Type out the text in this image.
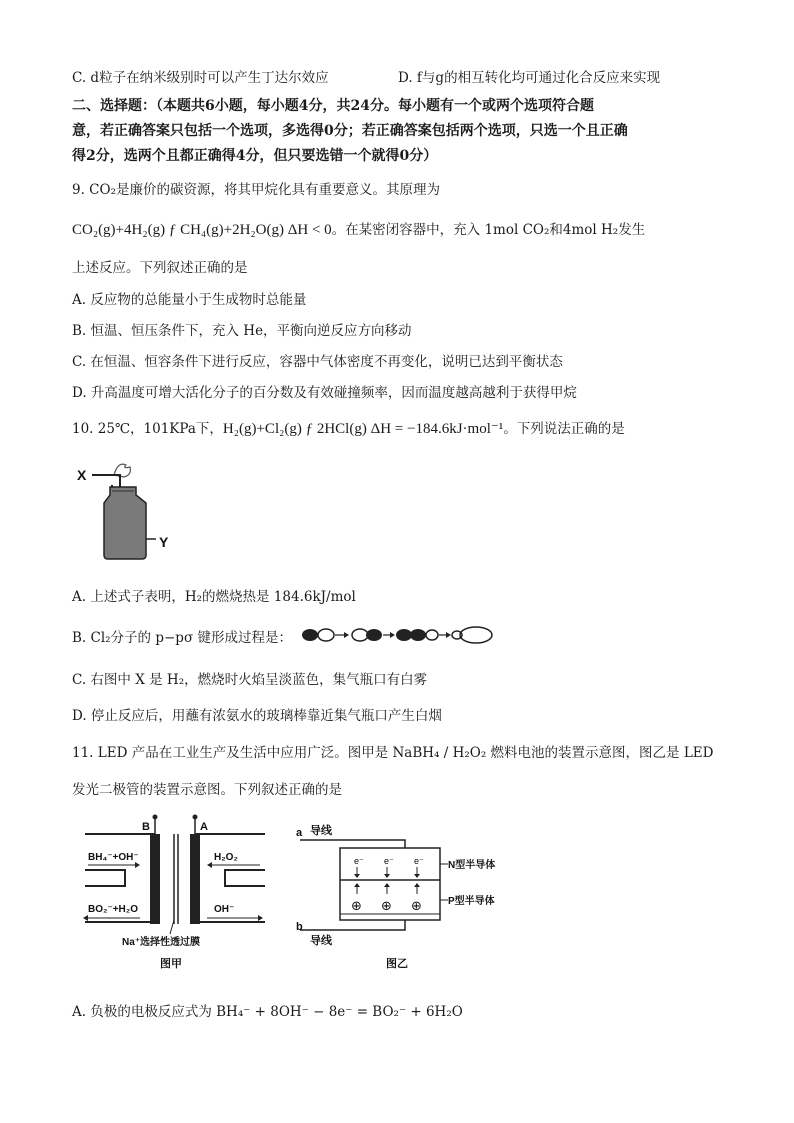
C. d粒子在纳米级别时可以产生丁达尔效应	D. f与g的相互转化均可通过化合反应来实现
二、选择题：（本题共6小题，每小题4分，共24分。每小题有一个或两个选项符合题
意，若正确答案只包括一个选项，多选得0分；若正确答案包括两个选项，只选一个且正确
得2分，选两个且都正确得4分，但只要选错一个就得0分）
9. CO₂是廉价的碳资源，将其甲烷化具有重要意义。其原理为
CO₂(g)+4H₂(g) ƒ CH₄(g)+2H₂O(g) ΔH < 0。在某密闭容器中，充入 1mol CO₂和4mol H₂发生
上述反应。下列叙述正确的是
A. 反应物的总能量小于生成物时总能量
B. 恒温、恒压条件下，充入 He，平衡向逆反应方向移动
C. 在恒温、恒容条件下进行反应，容器中气体密度不再变化，说明已达到平衡状态
D. 升高温度可增大活化分子的百分数及有效碰撞频率，因而温度越高越利于获得甲烷
10. 25℃，101KPa下，H₂(g)+Cl₂(g) ƒ 2HCl(g) ΔH = −184.6kJ·mol⁻¹。下列说法正确的是
X
Y
A. 上述式子表明，H₂的燃烧热是 184.6kJ/mol
B. Cl₂分子的 p−pσ 键形成过程是：
C. 右图中 X 是 H₂，燃烧时火焰呈淡蓝色，集气瓶口有白雾
D. 停止反应后，用蘸有浓氨水的玻璃棒靠近集气瓶口产生白烟
11. LED 产品在工业生产及生活中应用广泛。图甲是 NaBH₄ / H₂O₂ 燃料电池的装置示意图，图乙是 LED
发光二极管的装置示意图。下列叙述正确的是
B	A
BH₄⁻+OH⁻	H₂O₂
BO₂⁻+H₂O	OH⁻
Na⁺选择性透过膜
图甲
a 导线
e⁻ e⁻ e⁻
⊕ ⊕ ⊕
N型半导体
P型半导体
b
导线
图乙
A. 负极的电极反应式为 BH₄⁻ + 8OH⁻ − 8e⁻ = BO₂⁻ + 6H₂O
